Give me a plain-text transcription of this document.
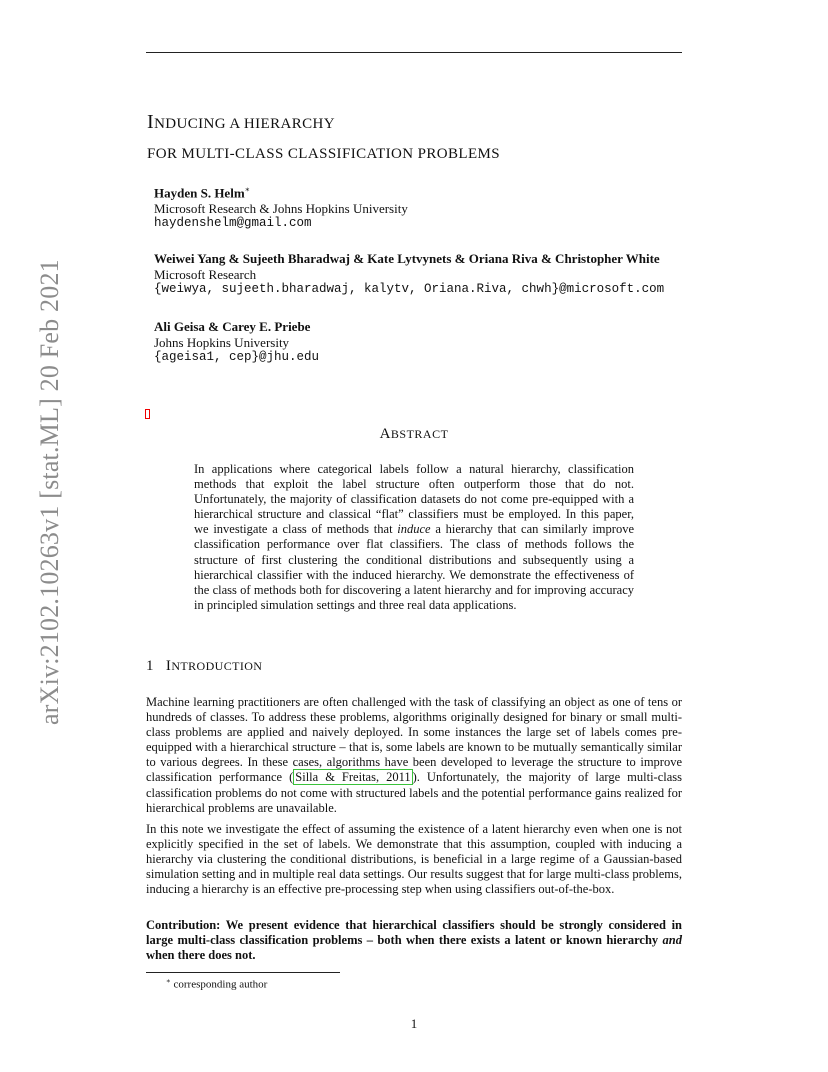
arXiv:2102.10263v1 [stat.ML] 20 Feb 2021
INDUCING A HIERARCHY
FOR MULTI-CLASS CLASSIFICATION PROBLEMS
Hayden S. Helm∗
Microsoft Research & Johns Hopkins University
haydenshelm@gmail.com
Weiwei Yang & Sujeeth Bharadwaj & Kate Lytvynets & Oriana Riva & Christopher White
Microsoft Research
{weiwya, sujeeth.bharadwaj, kalytv, Oriana.Riva, chwh}@microsoft.com
Ali Geisa & Carey E. Priebe
Johns Hopkins University
{ageisa1, cep}@jhu.edu
ABSTRACT
In applications where categorical labels follow a natural hierarchy, classification methods that exploit the label structure often outperform those that do not. Unfortunately, the majority of classification datasets do not come pre-equipped with a hierarchical structure and classical “flat” classifiers must be employed. In this paper, we investigate a class of methods that induce a hierarchy that can similarly improve classification performance over flat classifiers. The class of methods follows the structure of first clustering the conditional distributions and subsequently using a hierarchical classifier with the induced hierarchy. We demonstrate the effectiveness of the class of methods both for discovering a latent hierarchy and for improving accuracy in principled simulation settings and three real data applications.
1 INTRODUCTION
Machine learning practitioners are often challenged with the task of classifying an object as one of tens or hundreds of classes. To address these problems, algorithms originally designed for binary or small multi-class problems are applied and naively deployed. In some instances the large set of labels comes pre-equipped with a hierarchical structure – that is, some labels are known to be mutually semantically similar to various degrees. In these cases, algorithms have been developed to leverage the structure to improve classification performance ( Silla & Freitas, 2011 ). Unfortunately, the majority of large multi-class classification problems do not come with structured labels and the potential performance gains realized for hierarchical problems are unavailable.
In this note we investigate the effect of assuming the existence of a latent hierarchy even when one is not explicitly specified in the set of labels. We demonstrate that this assumption, coupled with inducing a hierarchy via clustering the conditional distributions, is beneficial in a large regime of a Gaussian-based simulation setting and in multiple real data settings. Our results suggest that for large multi-class problems, inducing a hierarchy is an effective pre-processing step when using classifiers out-of-the-box.
Contribution: We present evidence that hierarchical classifiers should be strongly considered in large multi-class classification problems – both when there exists a latent or known hierarchy and when there does not.
∗ corresponding author
1
